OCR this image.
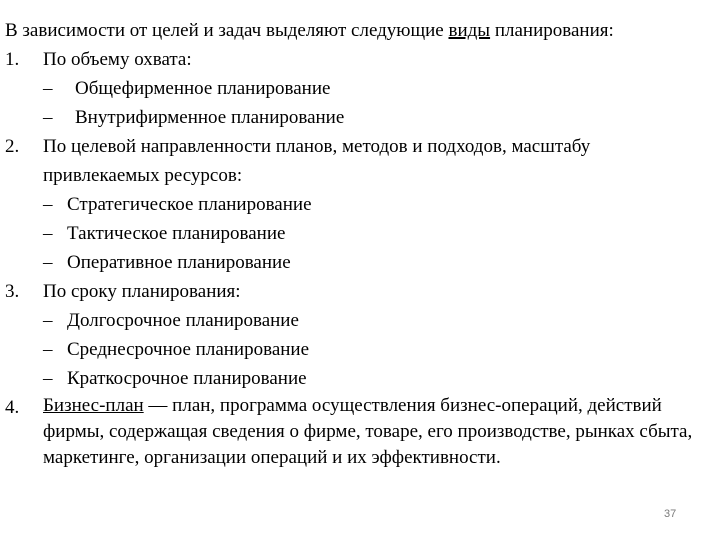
В зависимости от целей и задач выделяют следующие виды планирования:
1. По объему охвата:
– Общефирменное планирование
– Внутрифирменное планирование
2. По целевой направленности планов, методов и подходов, масштабу привлекаемых ресурсов:
– Стратегическое планирование
– Тактическое планирование
– Оперативное планирование
3. По сроку планирования:
– Долгосрочное планирование
– Среднесрочное планирование
– Краткосрочное планирование
4. Бизнес-план — план, программа осуществления бизнес-операций, действий фирмы, содержащая сведения о фирме, товаре, его производстве, рынках сбыта, маркетинге, организации операций и их эффективности.
37
